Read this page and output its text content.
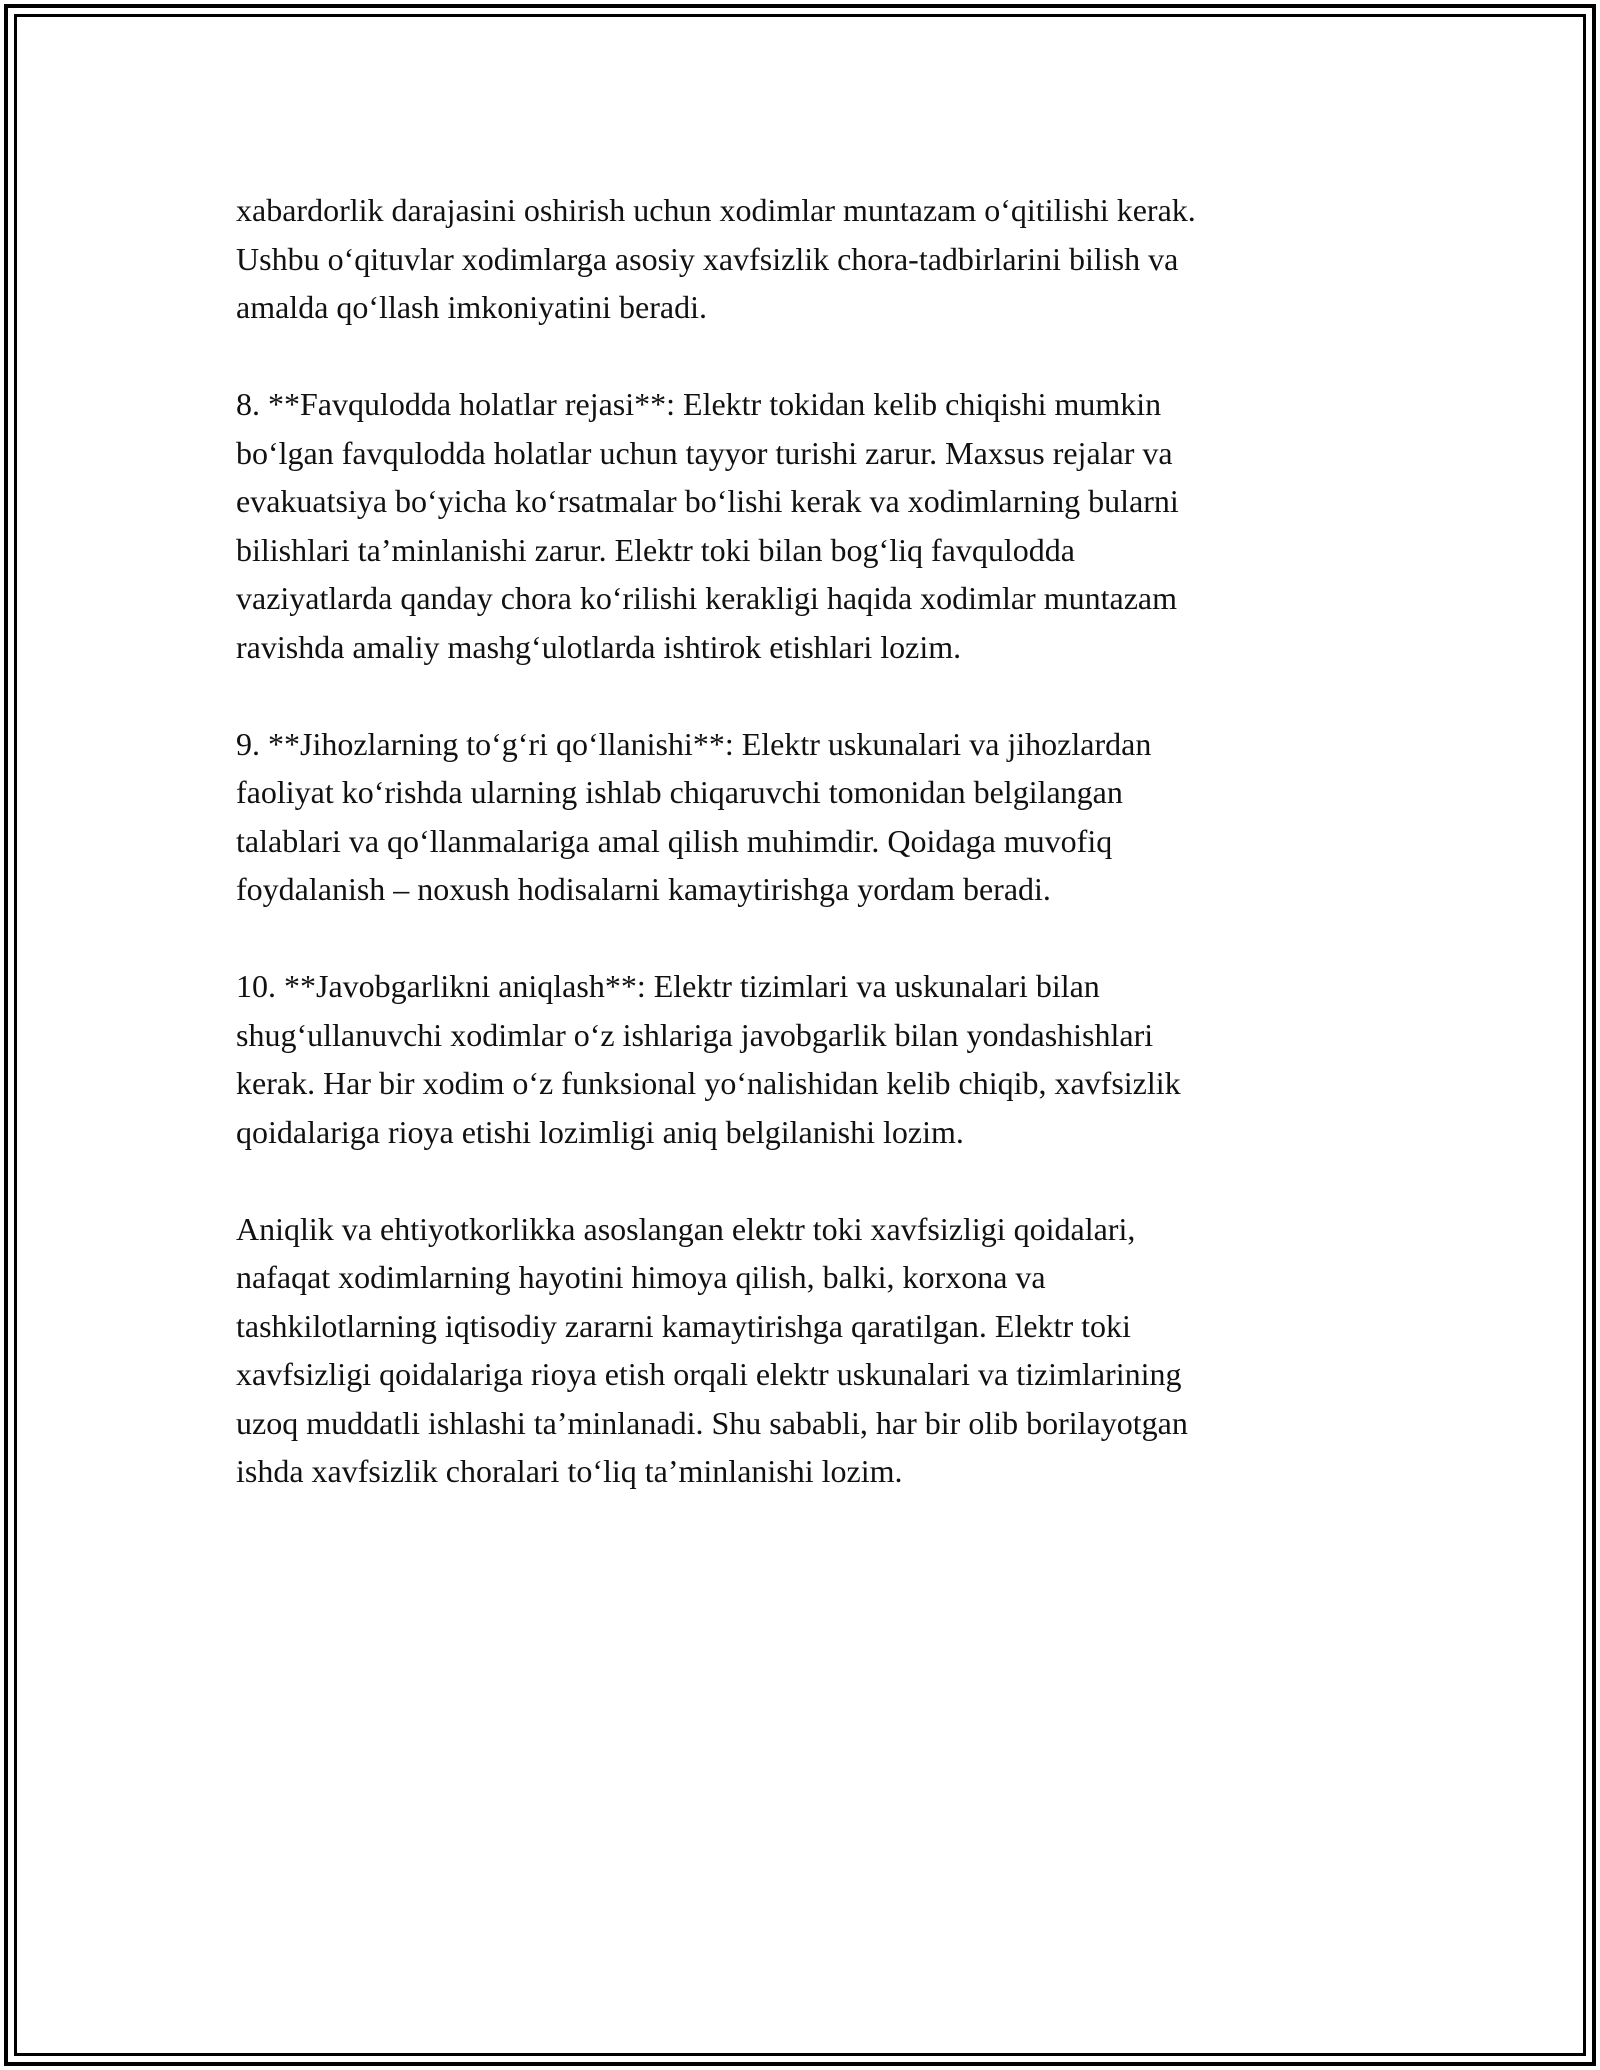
xabardorlik darajasini oshirish uchun xodimlar muntazam o‘qitilishi kerak.
Ushbu o‘qituvlar xodimlarga asosiy xavfsizlik chora-tadbirlarini bilish va
amalda qo‘llash imkoniyatini beradi.

8. **Favqulodda holatlar rejasi**: Elektr tokidan kelib chiqishi mumkin
bo‘lgan favqulodda holatlar uchun tayyor turishi zarur. Maxsus rejalar va
evakuatsiya bo‘yicha ko‘rsatmalar bo‘lishi kerak va xodimlarning bularni
bilishlari ta’minlanishi zarur. Elektr toki bilan bog‘liq favqulodda
vaziyatlarda qanday chora ko‘rilishi kerakligi haqida xodimlar muntazam
ravishda amaliy mashg‘ulotlarda ishtirok etishlari lozim.

9. **Jihozlarning to‘g‘ri qo‘llanishi**: Elektr uskunalari va jihozlardan
faoliyat ko‘rishda ularning ishlab chiqaruvchi tomonidan belgilangan
talablari va qo‘llanmalariga amal qilish muhimdir. Qoidaga muvofiq
foydalanish – noxush hodisalarni kamaytirishga yordam beradi.

10. **Javobgarlikni aniqlash**: Elektr tizimlari va uskunalari bilan
shug‘ullanuvchi xodimlar o‘z ishlariga javobgarlik bilan yondashishlari
kerak. Har bir xodim o‘z funksional yo‘nalishidan kelib chiqib, xavfsizlik
qoidalariga rioya etishi lozimligi aniq belgilanishi lozim.

Aniqlik va ehtiyotkorlikka asoslangan elektr toki xavfsizligi qoidalari,
nafaqat xodimlarning hayotini himoya qilish, balki, korxona va
tashkilotlarning iqtisodiy zararni kamaytirishga qaratilgan. Elektr toki
xavfsizligi qoidalariga rioya etish orqali elektr uskunalari va tizimlarining
uzoq muddatli ishlashi ta’minlanadi. Shu sababli, har bir olib borilayotgan
ishda xavfsizlik choralari to‘liq ta’minlanishi lozim.
